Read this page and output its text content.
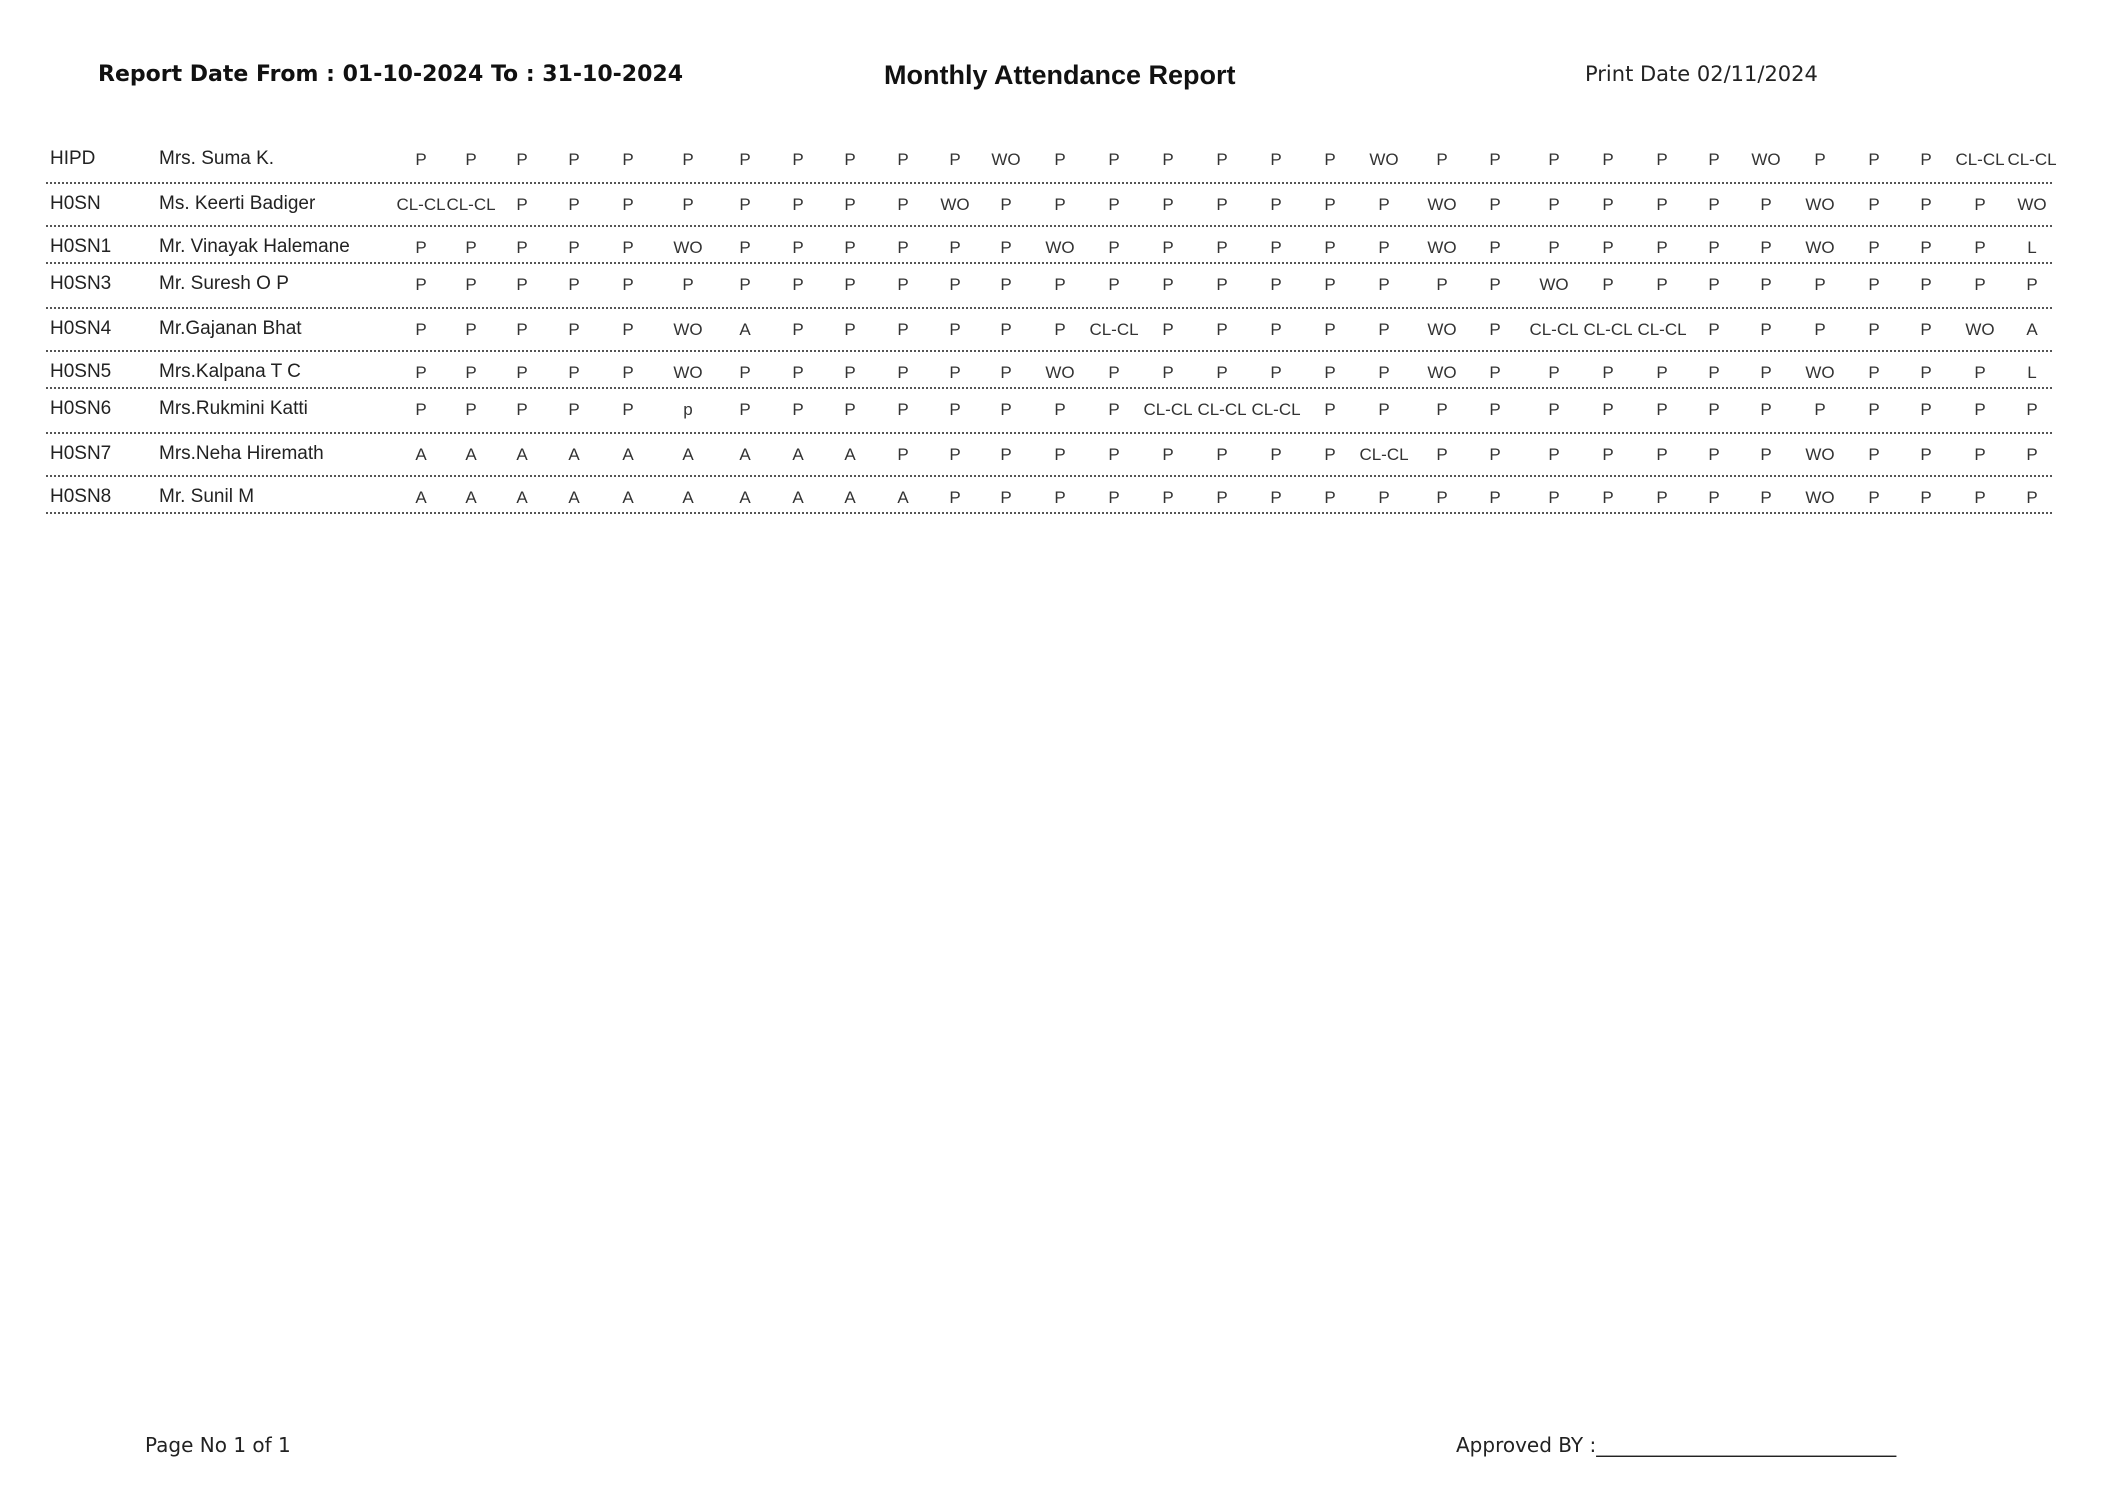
Report Date From : 01-10-2024 To : 31-10-2024	Monthly Attendance Report	Print Date 02/11/2024
HIPD	Mrs. Suma K.	P	P	P	P	P	P	P	P	P	P	P	WO	P	P	P	P	P	P	WO	P	P	P	P	P	P	WO	P	P	P	CL-CL CL-CL
H0SN	Ms. Keerti Badiger	CL-CL CL-CL	P	P	P	P	P	P	P	P	WO	P	P	P	P	P	P	P	P	WO	P	P	P	P	P	P	WO	P	P	P	WO
H0SN1	Mr. Vinayak Halemane	P	P	P	P	P	WO	P	P	P	P	P	P	WO	P	P	P	P	P	P	WO	P	P	P	P	P	P	WO	P	P	P	L
H0SN3	Mr. Suresh O P	P	P	P	P	P	P	P	P	P	P	P	P	P	P	P	P	P	P	P	P	P	WO	P	P	P	P	P	P	P	P	P
H0SN4	Mr.Gajanan Bhat	P	P	P	P	P	WO	A	P	P	P	P	P	P	CL-CL	P	P	P	P	P	WO	P	CL-CL CL-CL CL-CL	P	P	P	P	P	WO	A
H0SN5	Mrs.Kalpana T C	P	P	P	P	P	WO	P	P	P	P	P	P	WO	P	P	P	P	P	P	WO	P	P	P	P	P	P	WO	P	P	P	L
H0SN6	Mrs.Rukmini Katti	P	P	P	P	P	p	P	P	P	P	P	P	P	P	CL-CL CL-CL CL-CL	P	P	P	P	P	P	P	P	P	P	P	P	P	P
H0SN7	Mrs.Neha Hiremath	A	A	A	A	A	A	A	A	A	P	P	P	P	P	P	P	P	P	CL-CL	P	P	P	P	P	P	P	WO	P	P	P	P
H0SN8	Mr. Sunil M	A	A	A	A	A	A	A	A	A	A	P	P	P	P	P	P	P	P	P	P	P	P	P	P	P	P	WO	P	P	P	P
Page No 1 of 1	Approved BY :______________________________
